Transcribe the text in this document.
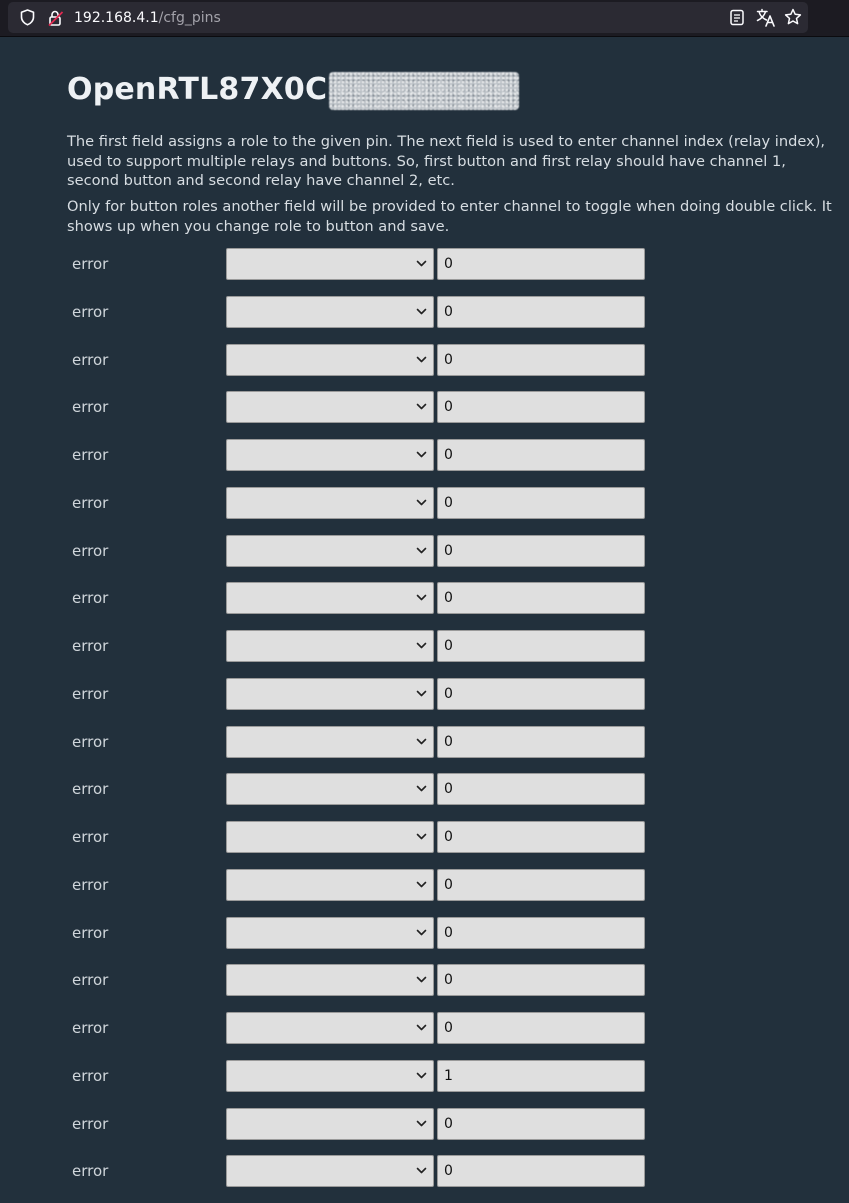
192.168.4.1/cfg_pins
OpenRTL87X0C

The first field assigns a role to the given pin. The next field is used to enter channel index (relay index), used to support multiple relays and buttons. So, first button and first relay should have channel 1, second button and second relay have channel 2, etc.

Only for button roles another field will be provided to enter channel to toggle when doing double click. It shows up when you change role to button and save.

error	0
error	0
error	0
error	0
error	0
error	0
error	0
error	0
error	0
error	0
error	0
error	0
error	0
error	0
error	0
error	0
error	0
error	1
error	0
error	0
